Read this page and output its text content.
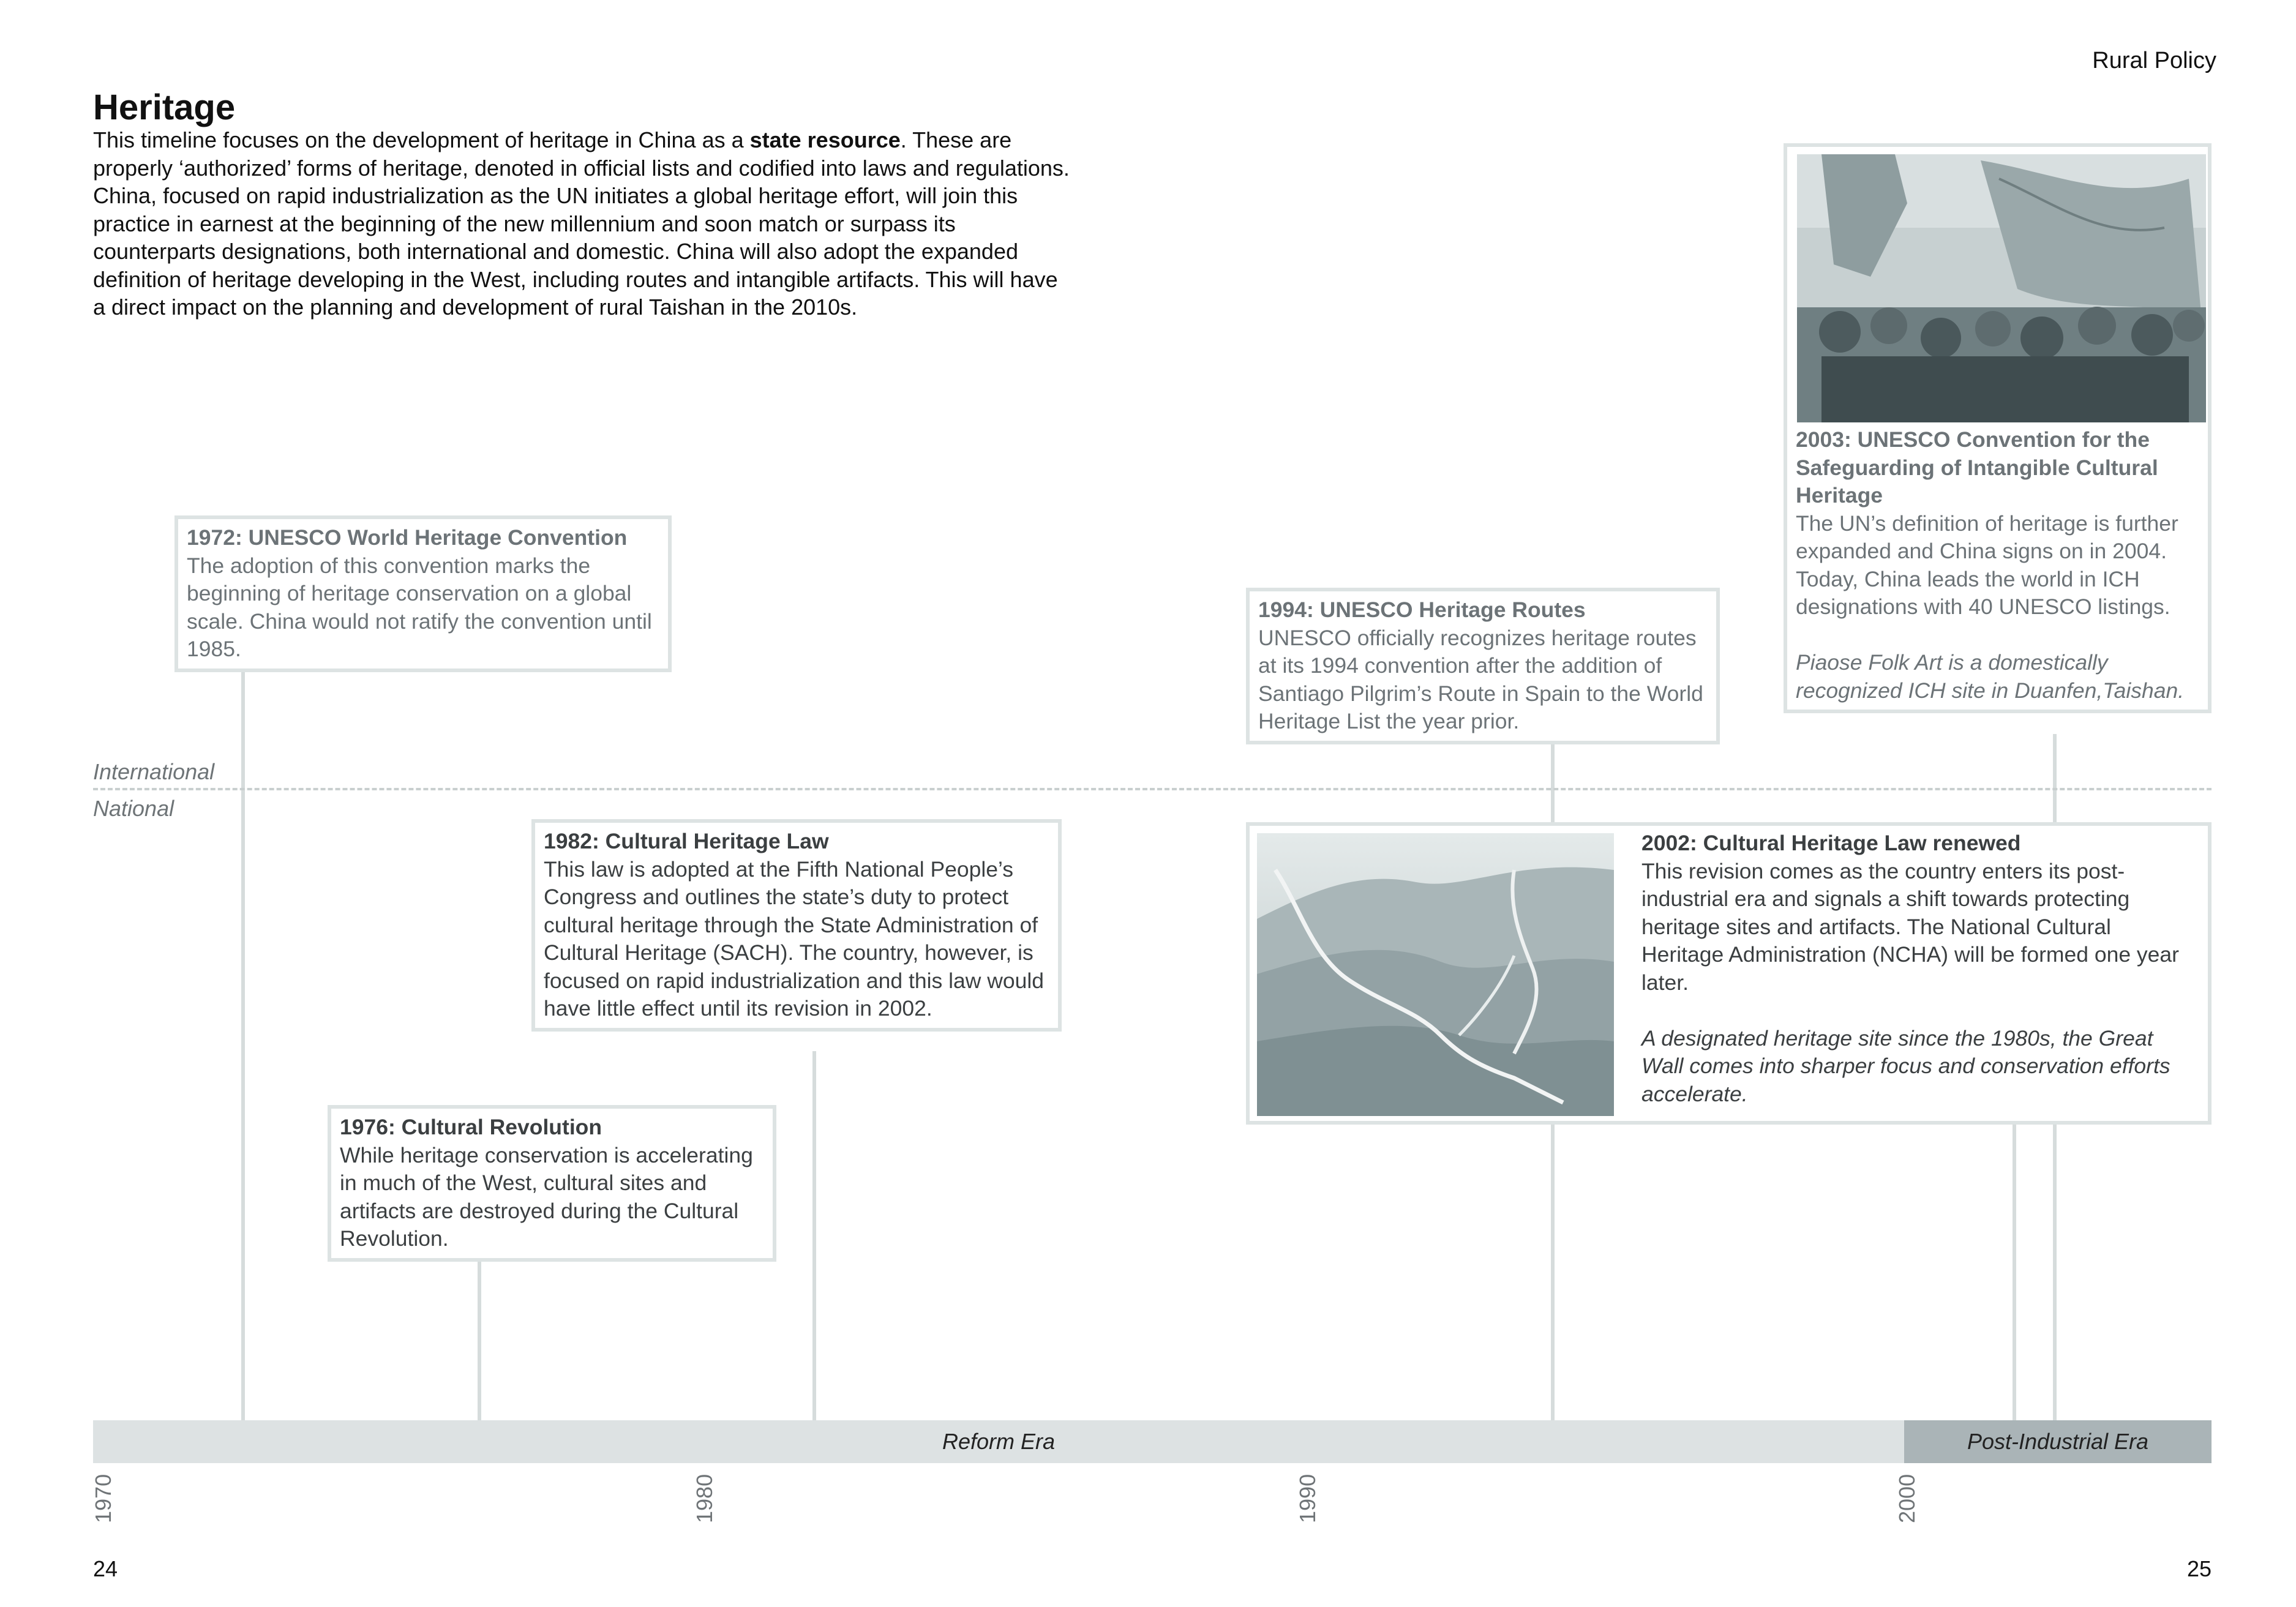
Rural Policy
Heritage
This timeline focuses on the development of heritage in China as a state resource. These are properly ‘authorized’ forms of heritage, denoted in official lists and codified into laws and regulations. China, focused on rapid industrialization as the UN initiates a global heritage effort, will join this practice in earnest at the beginning of the new millennium and soon match or surpass its counterparts designations, both international and domestic. China will also adopt the expanded definition of heritage developing in the West, including routes and intangible artifacts. This will have a direct impact on the planning and development of rural Taishan in the 2010s.
International
National
1972: UNESCO World Heritage Convention
The adoption of this convention marks the beginning of heritage conservation on a global scale. China would not ratify the convention until 1985.
1976: Cultural Revolution
While heritage conservation is accelerating in much of the West, cultural sites and artifacts are destroyed during the Cultural Revolution.
1982: Cultural Heritage Law
This law is adopted at the Fifth National People’s Congress and outlines the state’s duty to protect cultural heritage through the State Administration of Cultural Heritage (SACH). The country, however, is focused on rapid industrialization and this law would have little effect until its revision in 2002.
1994: UNESCO Heritage Routes
UNESCO officially recognizes heritage routes at its 1994 convention after the addition of Santiago Pilgrim’s Route in Spain to the World Heritage List the year prior.
2002: Cultural Heritage Law renewed
This revision comes as the country enters its post-industrial era and signals a shift towards protecting heritage sites and artifacts. The National Cultural Heritage Administration (NCHA) will be formed one year later.

A designated heritage site since the 1980s, the Great Wall comes into sharper focus and conservation efforts accelerate.
2003: UNESCO Convention for the Safeguarding of Intangible Cultural Heritage
The UN’s definition of heritage is further expanded and China signs on in 2004.
Today, China leads the world in ICH designations with 40 UNESCO listings.

Piaose Folk Art is a domestically recognized ICH site in Duanfen,Taishan.
Reform Era	Post-Industrial Era
1970	1980	1990	2000
24	25
